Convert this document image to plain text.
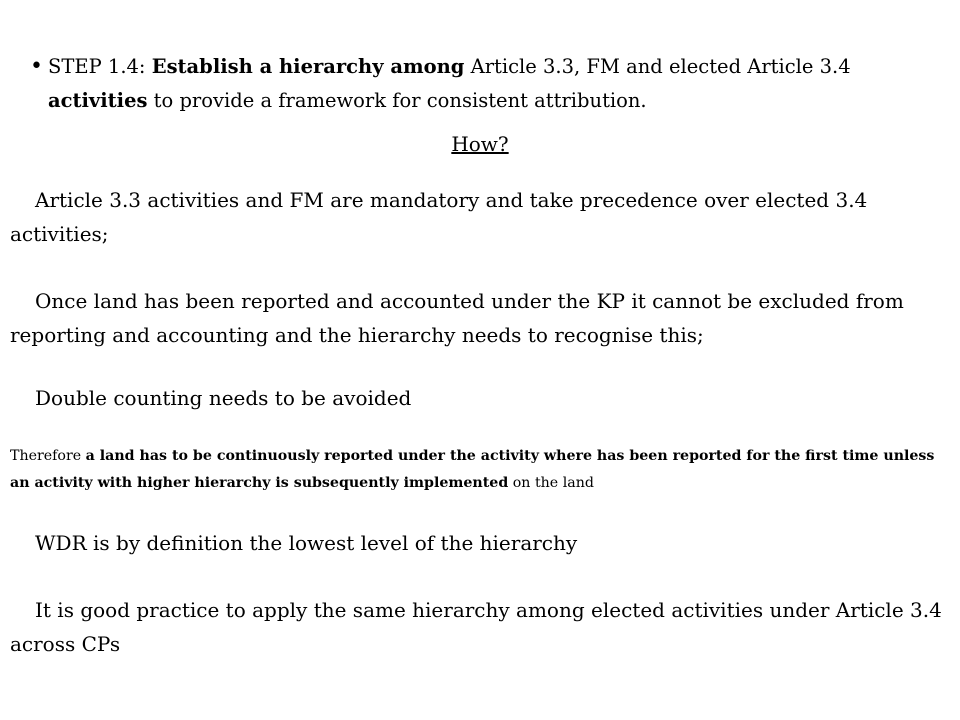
• STEP 1.4: Establish a hierarchy among Article 3.3, FM and elected Article 3.4 activities to provide a framework for consistent attribution.
How?

Article 3.3 activities and FM are mandatory and take precedence over elected 3.4 activities;

Once land has been reported and accounted under the KP it cannot be excluded from reporting and accounting and the hierarchy needs to recognise this;

Double counting needs to be avoided

Therefore a land has to be continuously reported under the activity where has been reported for the first time unless an activity with higher hierarchy is subsequently implemented on the land

WDR is by definition the lowest level of the hierarchy

It is good practice to apply the same hierarchy among elected activities under Article 3.4 across CPs
